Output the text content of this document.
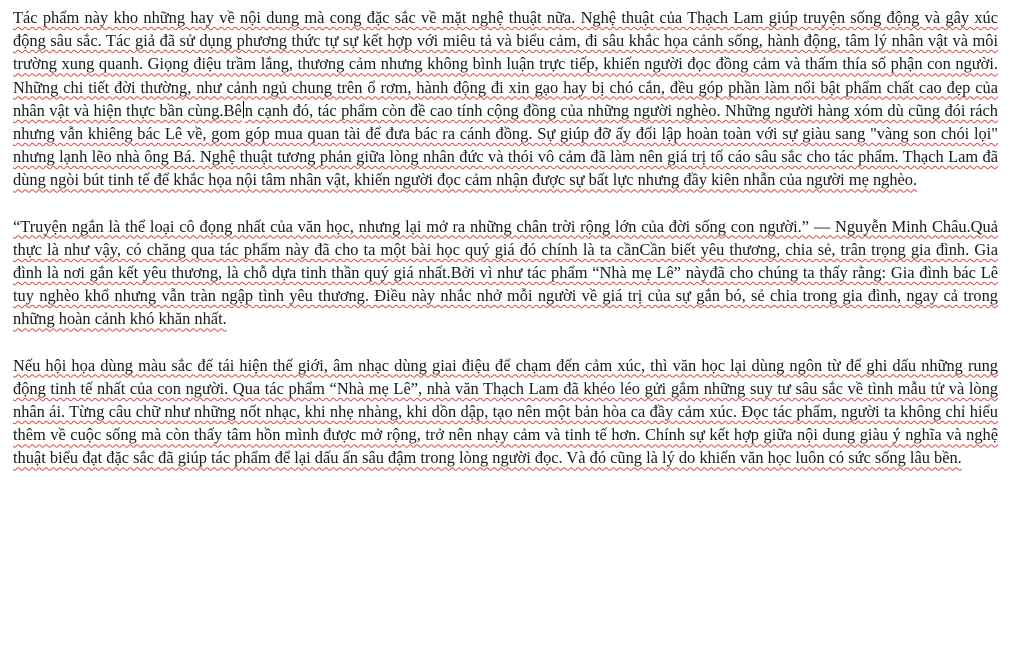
Tác phẩm này kho những hay về nội dung mà cong đặc sắc về mặt nghệ thuật nữa. Nghệ thuật của Thạch Lam giúp truyện sống động và gây xúc động sâu sắc. Tác giả đã sử dụng phương thức tự sự kết hợp với miêu tả và biểu cảm, đi sâu khắc họa cảnh sống, hành động, tâm lý nhân vật và môi trường xung quanh. Giọng điệu trầm lắng, thương cảm nhưng không bình luận trực tiếp, khiến người đọc đồng cảm và thấm thía số phận con người. Những chi tiết đời thường, như cảnh ngủ chung trên ổ rơm, hành động đi xin gạo hay bị chó cắn, đều góp phần làm nổi bật phẩm chất cao đẹp của nhân vật và hiện thực bần cùng.Bê n cạnh đó, tác phẩm còn đề cao tính cộng đồng của những người nghèo. Những người hàng xóm dù cũng đói rách nhưng vẫn khiêng bác Lê về, gom góp mua quan tài để đưa bác ra cánh đồng. Sự giúp đỡ ấy đối lập hoàn toàn với sự giàu sang "vàng son chói lọi" nhưng lạnh lẽo nhà ông Bá. Nghệ thuật tương phản giữa lòng nhân đức và thói vô cảm đã làm nên giá trị tố cáo sâu sắc cho tác phẩm. Thạch Lam đã dùng ngòi bút tinh tế để khắc họa nội tâm nhân vật, khiến người đọc cảm nhận được sự bất lực nhưng đầy kiên nhẫn của người mẹ nghèo.

“Truyện ngắn là thể loại cô đọng nhất của văn học, nhưng lại mở ra những chân trời rộng lớn của đời sống con người.” — Nguyễn Minh Châu.Quả thực là như vậy, có chăng qua tác phẩm này đã cho ta một bài học quý giá đó chính là ta cầnCần biết yêu thương, chia sẻ, trân trọng gia đình. Gia đình là nơi gắn kết yêu thương, là chỗ dựa tinh thần quý giá nhất.Bởi vì như tác phẩm “Nhà mẹ Lê” nàyđã cho chúng ta thấy rằng: Gia đình bác Lê tuy nghèo khổ nhưng vẫn tràn ngập tình yêu thương. Điều này nhắc nhở mỗi người về giá trị của sự gắn bó, sẻ chia trong gia đình, ngay cả trong những hoàn cảnh khó khăn nhất.

Nếu hội họa dùng màu sắc để tái hiện thế giới, âm nhạc dùng giai điệu để chạm đến cảm xúc, thì văn học lại dùng ngôn từ để ghi dấu những rung động tinh tế nhất của con người. Qua tác phẩm “Nhà mẹ Lê”, nhà văn Thạch Lam đã khéo léo gửi gắm những suy tư sâu sắc về tình mẫu tử và lòng nhân ái. Từng câu chữ như những nốt nhạc, khi nhẹ nhàng, khi dồn dập, tạo nên một bản hòa ca đầy cảm xúc. Đọc tác phẩm, người ta không chỉ hiểu thêm về cuộc sống mà còn thấy tâm hồn mình được mở rộng, trở nên nhạy cảm và tinh tế hơn. Chính sự kết hợp giữa nội dung giàu ý nghĩa và nghệ thuật biểu đạt đặc sắc đã giúp tác phẩm để lại dấu ấn sâu đậm trong lòng người đọc. Và đó cũng là lý do khiến văn học luôn có sức sống lâu bền.
